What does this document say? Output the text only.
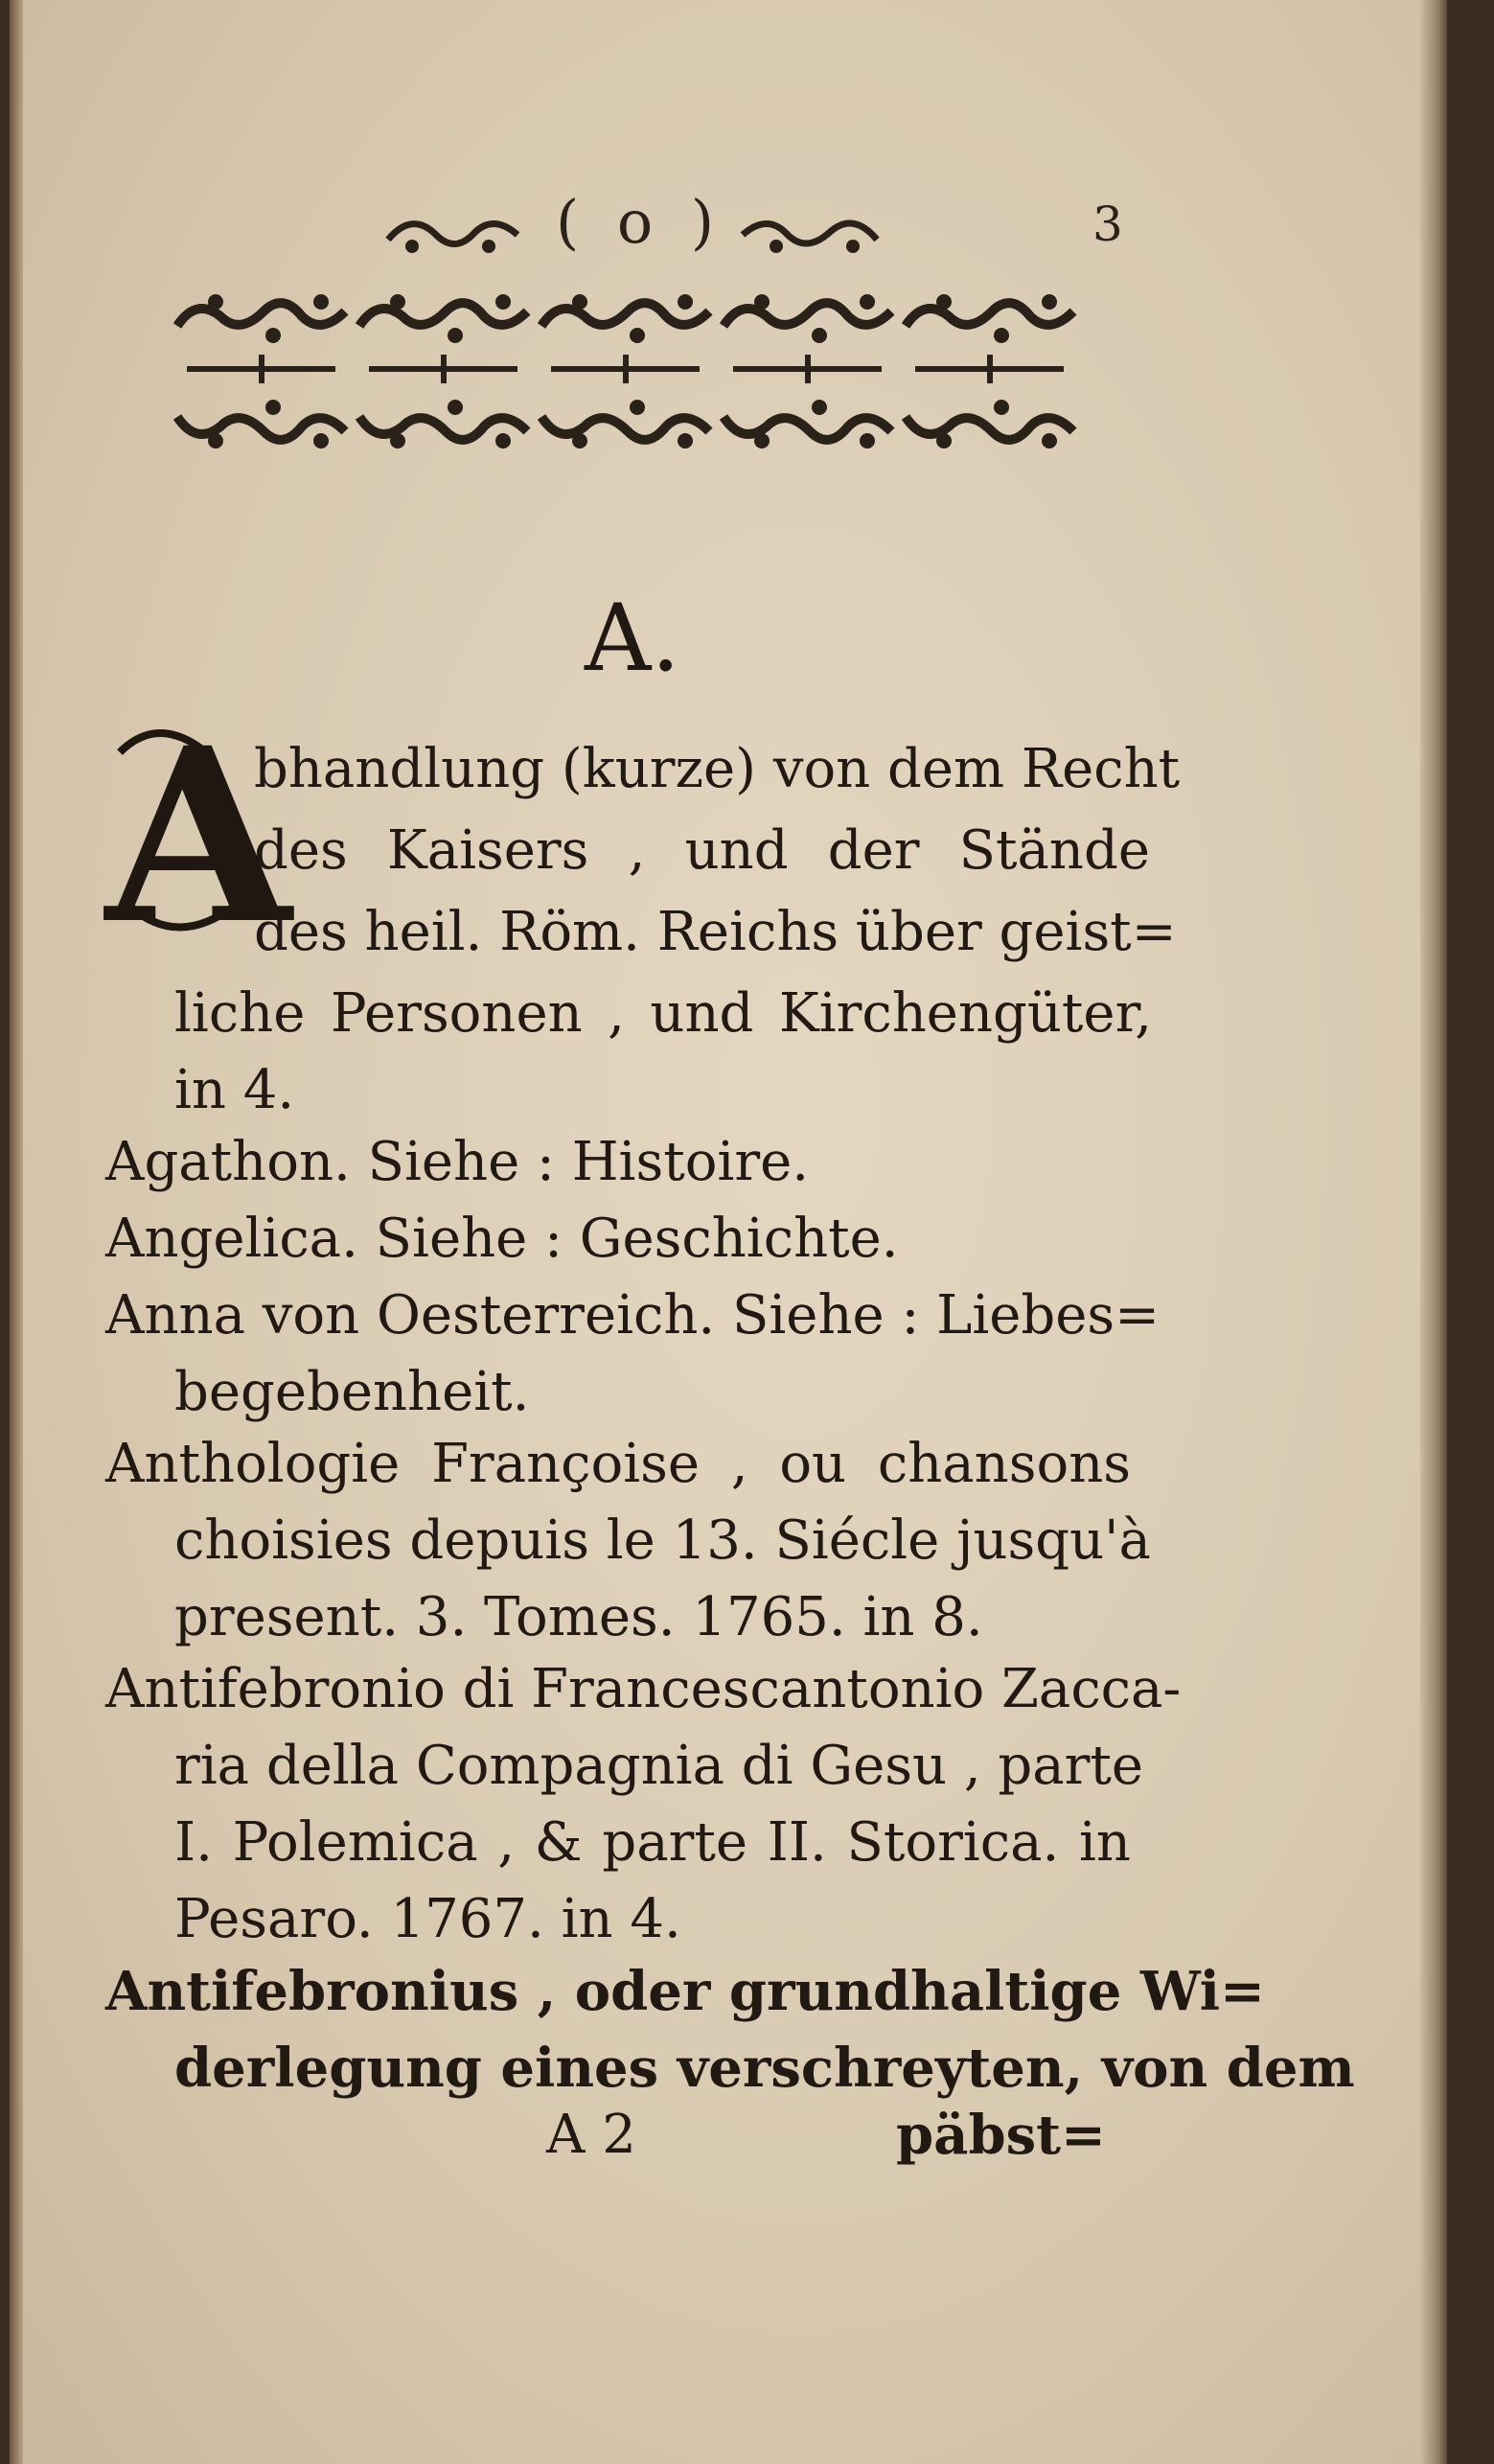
( o )	3
A.
A
bhandlung (kurze) von dem Recht
des Kaisers , und der Stände
des heil. Röm. Reichs über geist=
liche Personen , und Kirchengüter,
in 4.
Agathon. Siehe : Histoire.
Angelica. Siehe : Geschichte.
Anna von Oesterreich. Siehe : Liebes=
begebenheit.
Anthologie Françoise , ou chansons
choisies depuis le 13. Siécle jusqu'à
present. 3. Tomes. 1765. in 8.
Antifebronio di Francescantonio Zacca-
ria della Compagnia di Gesu , parte
I. Polemica , & parte II. Storica. in
Pesaro. 1767. in 4.
Antifebronius , oder grundhaltige Wi=
derlegung eines verschreyten, von dem
A 2	päbst=
